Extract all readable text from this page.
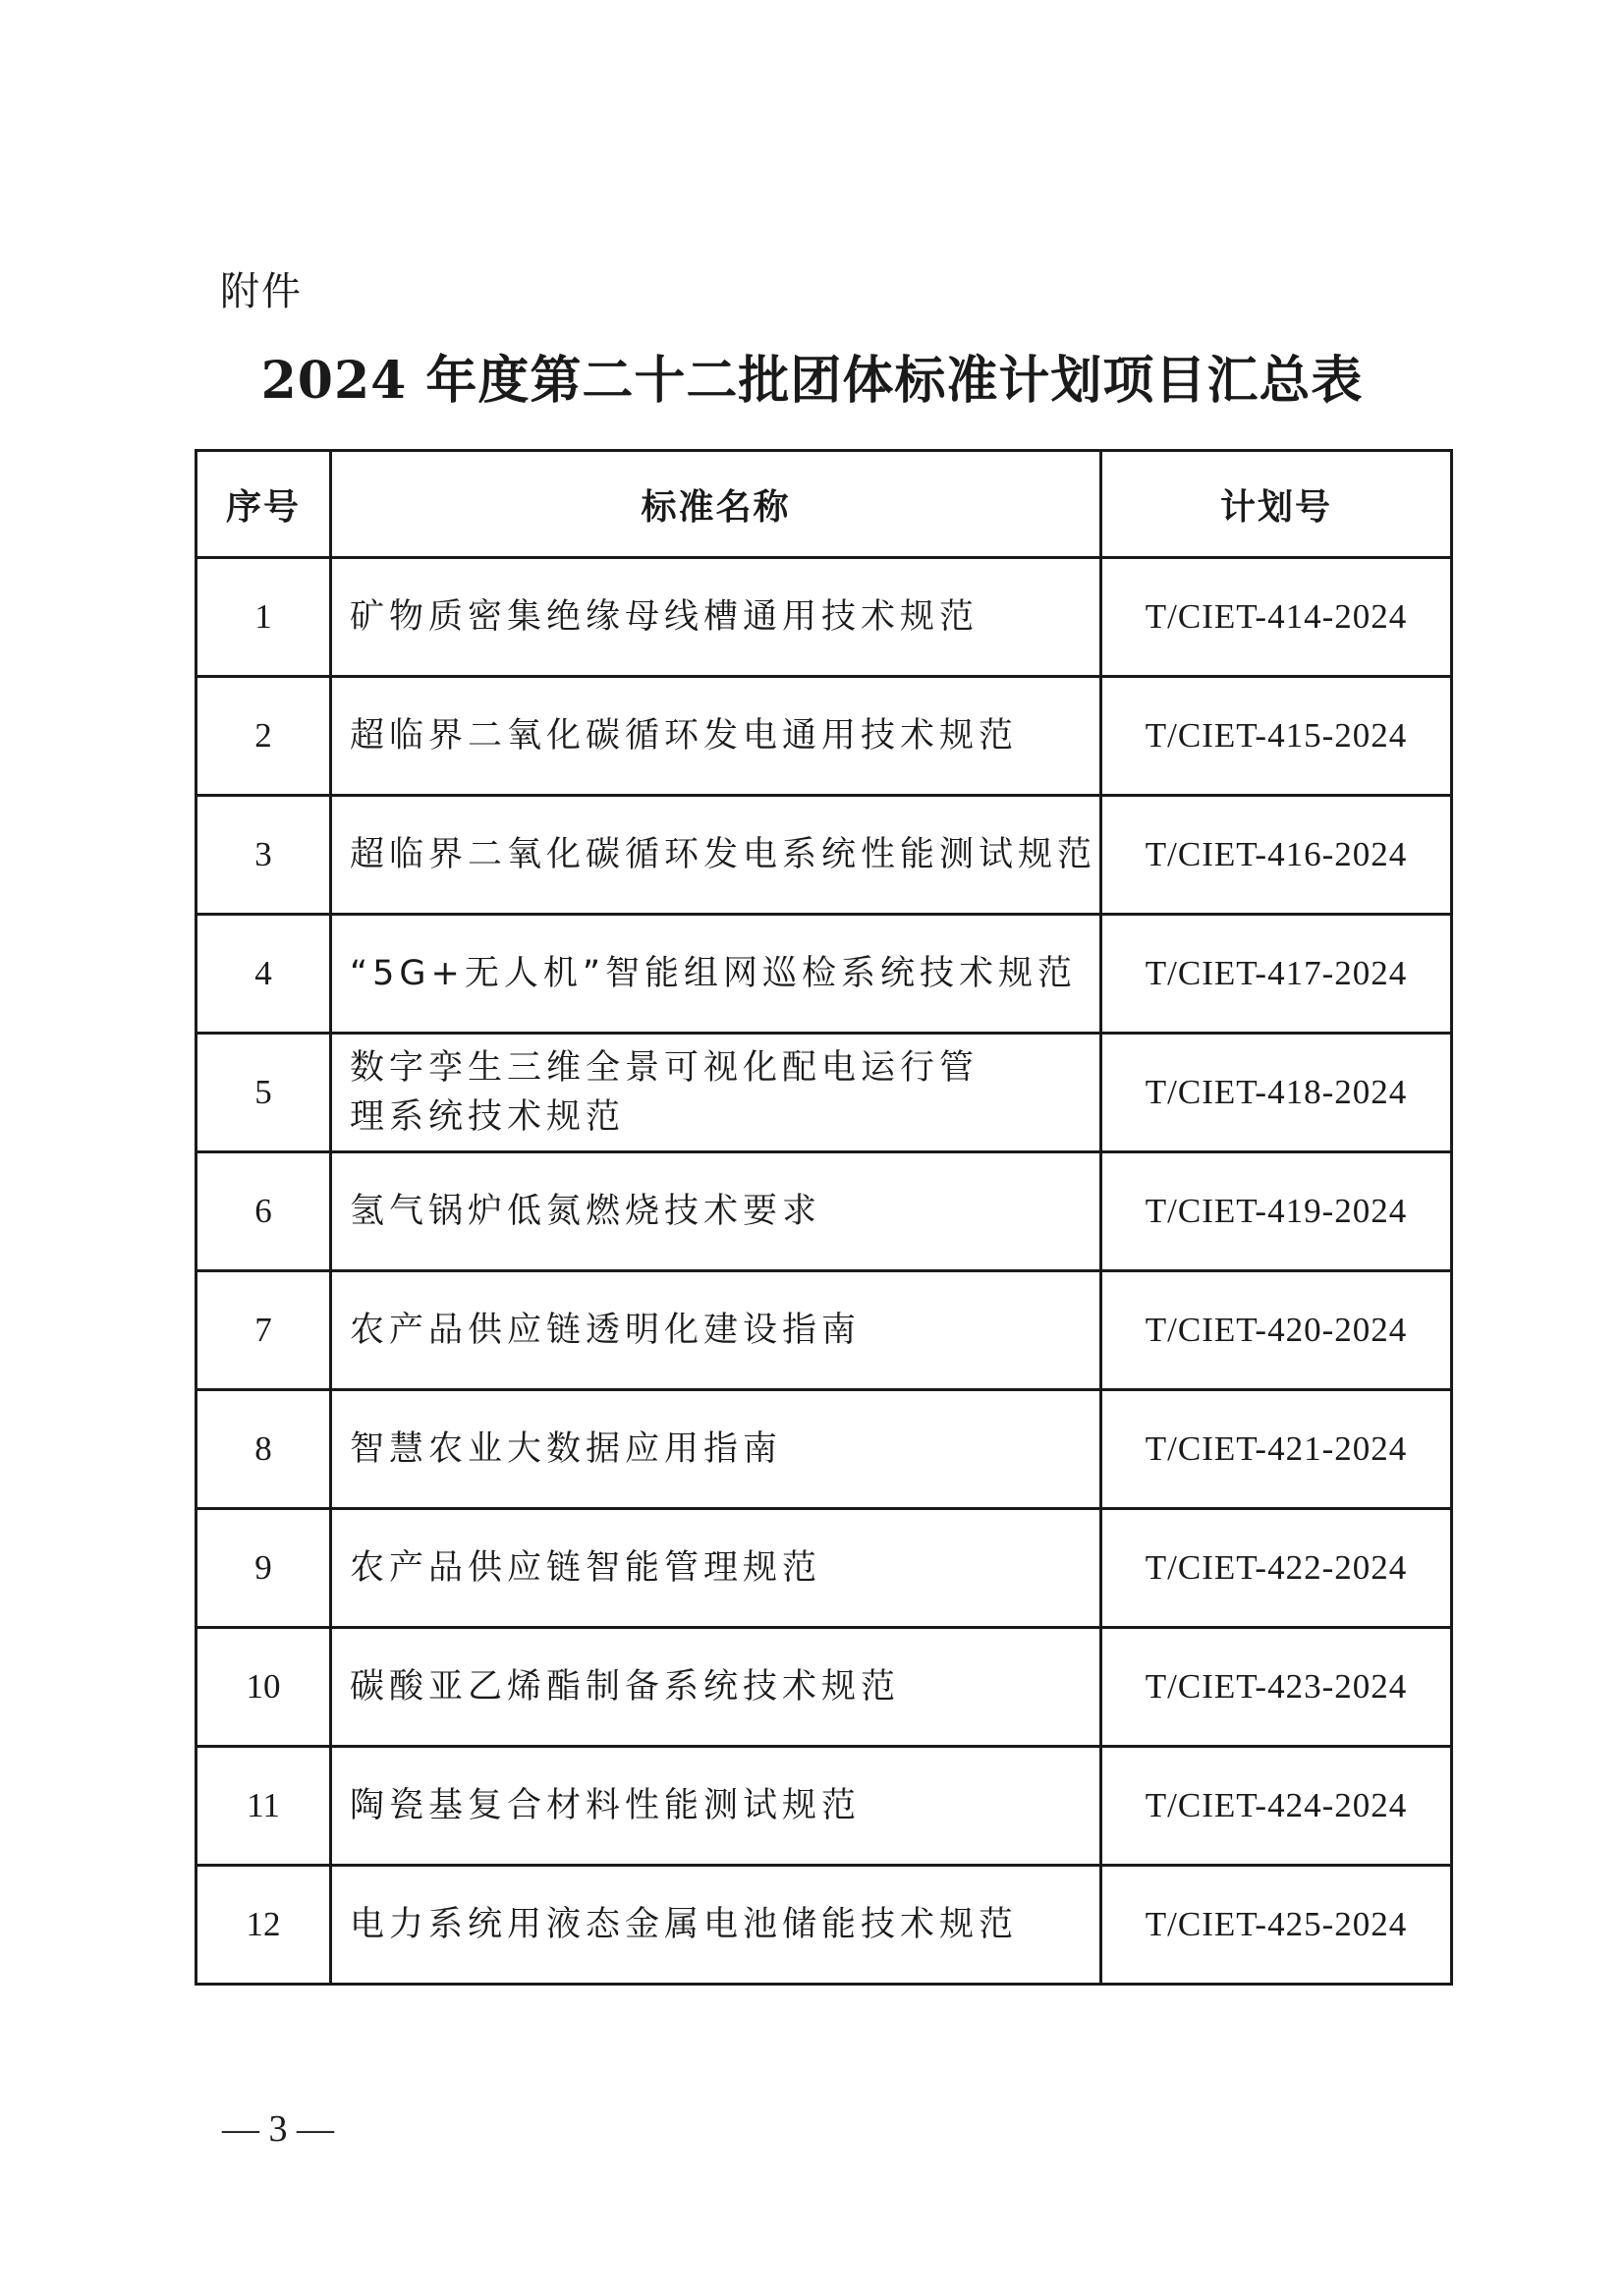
附件
2024 年度第二十二批团体标准计划项目汇总表
序号	标准名称	计划号
1	矿物质密集绝缘母线槽通用技术规范	T/CIET-414-2024
2	超临界二氧化碳循环发电通用技术规范	T/CIET-415-2024
3	超临界二氧化碳循环发电系统性能测试规范	T/CIET-416-2024
4	“5G+无人机”智能组网巡检系统技术规范	T/CIET-417-2024
5	数字孪生三维全景可视化配电运行管理系统技术规范	T/CIET-418-2024
6	氢气锅炉低氮燃烧技术要求	T/CIET-419-2024
7	农产品供应链透明化建设指南	T/CIET-420-2024
8	智慧农业大数据应用指南	T/CIET-421-2024
9	农产品供应链智能管理规范	T/CIET-422-2024
10	碳酸亚乙烯酯制备系统技术规范	T/CIET-423-2024
11	陶瓷基复合材料性能测试规范	T/CIET-424-2024
12	电力系统用液态金属电池储能技术规范	T/CIET-425-2024
— 3 —
